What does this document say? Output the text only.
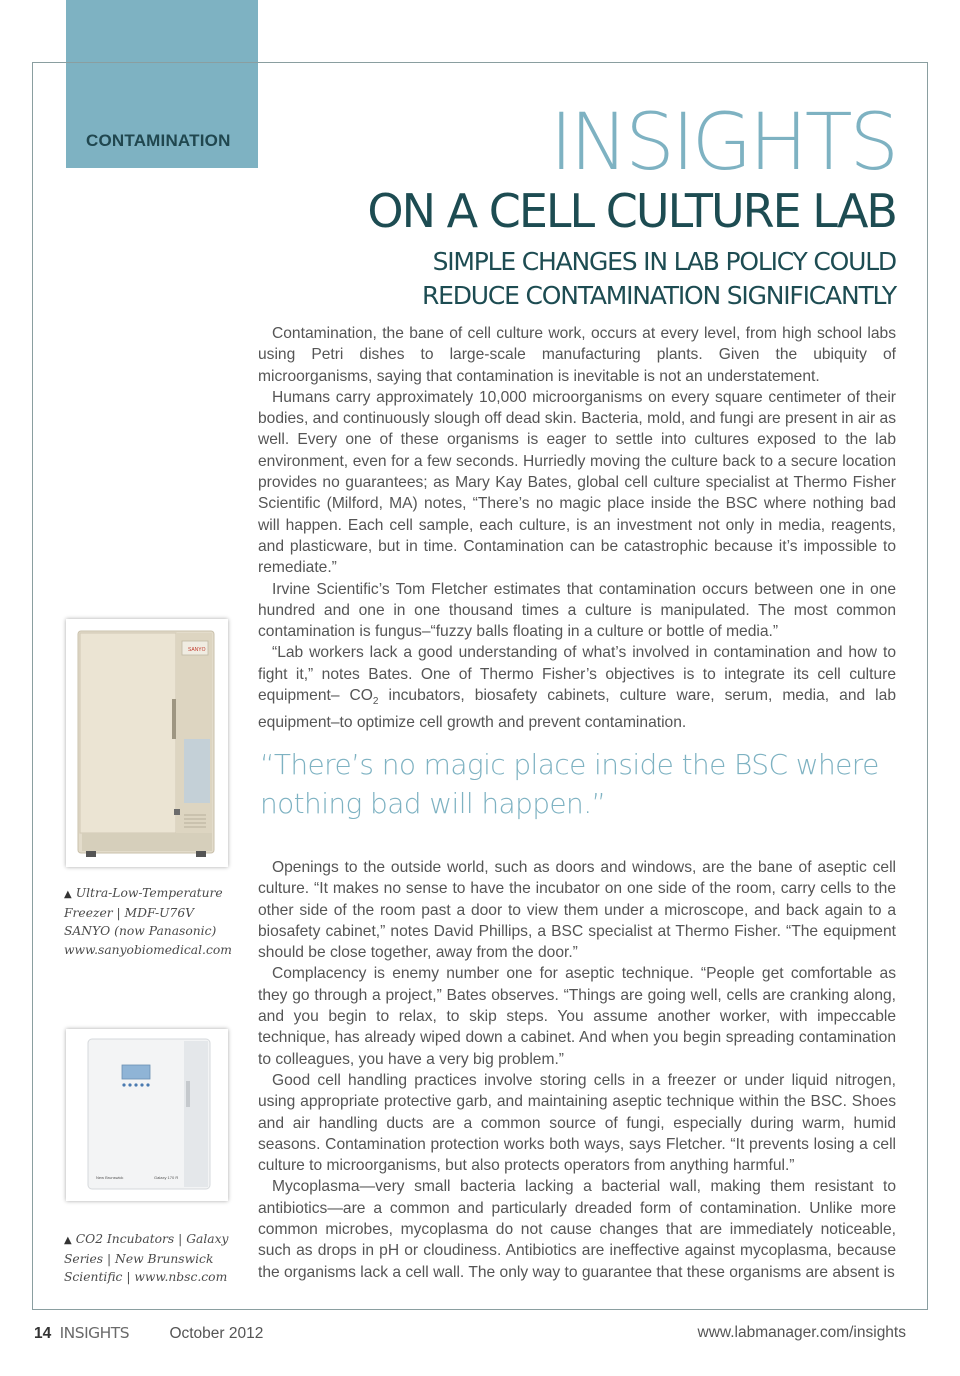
CONTAMINATION	INSIGHTS
ON A CELL CULTURE LAB
SIMPLE CHANGES IN LAB POLICY COULD
REDUCE CONTAMINATION SIGNIFICANTLY

Contamination, the bane of cell culture work, occurs at every level, from high school labs using Petri dishes to large-scale manufacturing plants. Given the ubiquity of microorganisms, saying that contamination is inevitable is not an understatement.

Humans carry approximately 10,000 microorganisms on every square centimeter of their bodies, and continuously slough off dead skin. Bacteria, mold, and fungi are present in air as well. Every one of these organisms is eager to settle into cultures exposed to the lab environment, even for a few seconds. Hurriedly moving the culture back to a secure location provides no guarantees; as Mary Kay Bates, global cell culture specialist at Thermo Fisher Scientific (Milford, MA) notes, “There’s no magic place inside the BSC where nothing bad will happen. Each cell sample, each culture, is an investment not only in media, reagents, and plasticware, but in time. Contamination can be catastrophic because it’s impossible to remediate.”

Irvine Scientific’s Tom Fletcher estimates that contamination occurs between one in one hundred and one in one thousand times a culture is manipulated. The most common contamination is fungus–“fuzzy balls floating in a culture or bottle of media.”

“Lab workers lack a good understanding of what’s involved in contamination and how to fight it,” notes Bates. One of Thermo Fisher’s objectives is to integrate its cell culture equipment– $CO_2$ incubators, biosafety cabinets, culture ware, serum, media, and lab equipment–to optimize cell growth and prevent contamination.

“There’s no magic place inside the BSC where
nothing bad will happen.”

Openings to the outside world, such as doors and windows, are the bane of aseptic cell culture. “It makes no sense to have the incubator on one side of the room, carry cells to the other side of the room past a door to view them under a microscope, and back again to a biosafety cabinet,” notes David Phillips, a BSC specialist at Thermo Fisher. “The equipment should be close together, away from the door.”

Complacency is enemy number one for aseptic technique. “People get comfortable as they go through a project,” Bates observes. “Things are going well, cells are cranking along, and you begin to relax, to skip steps. You assume another worker, with impeccable technique, has already wiped down a cabinet. And when you begin spreading contamination to colleagues, you have a very big problem.”

Good cell handling practices involve storing cells in a freezer or under liquid nitrogen, using appropriate protective garb, and maintaining aseptic technique within the BSC. Shoes and air handling ducts are a common source of fungi, especially during warm, humid seasons. Contamination protection works both ways, says Fletcher. “It prevents losing a cell culture to microorganisms, but also protects operators from anything harmful.”

Mycoplasma—very small bacteria lacking a bacterial wall, making them resistant to antibiotics—are a common and particularly dreaded form of contamination. Unlike more common microbes, mycoplasma do not cause changes that are immediately noticeable, such as drops in pH or cloudiness. Antibiotics are ineffective against mycoplasma, because the organisms lack a cell wall. The only way to guarantee that these organisms are absent is

SANYO
▲ Ultra-Low-Temperature
Freezer | MDF-U76V
SANYO (now Panasonic)
www.sanyobiomedical.com
New Brunswick	Galaxy 170 R
▲ CO2 Incubators | Galaxy
Series | New Brunswick
Scientific | www.nbsc.com
14 INSIGHTS	October 2012	www.labmanager.com/insights
